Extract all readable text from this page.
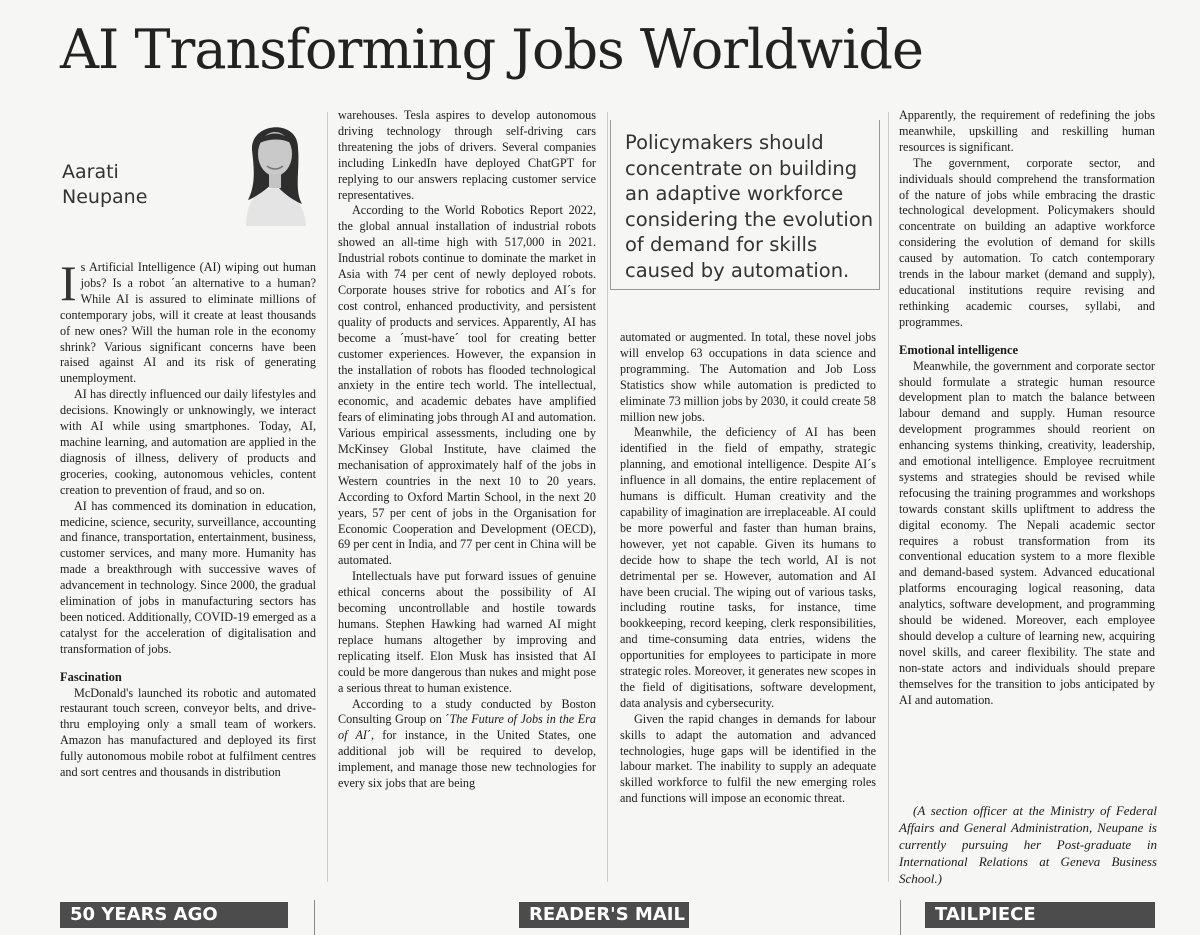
AI Transforming Jobs Worldwide
Aarati
Neupane

Is Artificial Intelligence (AI) wiping out human jobs? Is a robot ´an alternative to a human? While AI is assured to eliminate millions of contemporary jobs, will it create at least thousands of new ones? Will the human role in the economy shrink? Various significant concerns have been raised against AI and its risk of generating unemployment.

AI has directly influenced our daily lifestyles and decisions. Knowingly or unknowingly, we interact with AI while using smartphones. Today, AI, machine learning, and automation are applied in the diagnosis of illness, delivery of products and groceries, cooking, autonomous vehicles, content creation to prevention of fraud, and so on.

AI has commenced its domination in education, medicine, science, security, surveillance, accounting and finance, transportation, entertainment, business, customer services, and many more. Humanity has made a breakthrough with successive waves of advancement in technology. Since 2000, the gradual elimination of jobs in manufacturing sectors has been noticed. Additionally, COVID-19 emerged as a catalyst for the acceleration of digitalisation and transformation of jobs.

Fascination

McDonald's launched its robotic and automated restaurant touch screen, conveyor belts, and drive-thru employing only a small team of workers. Amazon has manufactured and deployed its first fully autonomous mobile robot at fulfilment centres and sort centres and thousands in distribution

warehouses. Tesla aspires to develop autonomous driving technology through self-driving cars threatening the jobs of drivers. Several companies including LinkedIn have deployed ChatGPT for replying to our answers replacing customer service representatives.

According to the World Robotics Report 2022, the global annual installation of industrial robots showed an all-time high with 517,000 in 2021. Industrial robots continue to dominate the market in Asia with 74 per cent of newly deployed robots. Corporate houses strive for robotics and AI´s for cost control, enhanced productivity, and persistent quality of products and services. Apparently, AI has become a ´must-have´ tool for creating better customer experiences. However, the expansion in the installation of robots has flooded technological anxiety in the entire tech world. The intellectual, economic, and academic debates have amplified fears of eliminating jobs through AI and automation. Various empirical assessments, including one by McKinsey Global Institute, have claimed the mechanisation of approximately half of the jobs in Western countries in the next 10 to 20 years. According to Oxford Martin School, in the next 20 years, 57 per cent of jobs in the Organisation for Economic Cooperation and Development (OECD), 69 per cent in India, and 77 per cent in China will be automated.

Intellectuals have put forward issues of genuine ethical concerns about the possibility of AI becoming uncontrollable and hostile towards humans. Stephen Hawking had warned AI might replace humans altogether by improving and replicating itself. Elon Musk has insisted that AI could be more dangerous than nukes and might pose a serious threat to human existence.

According to a study conducted by Boston Consulting Group on ´The Future of Jobs in the Era of AI´, for instance, in the United States, one additional job will be required to develop, implement, and manage those new technologies for every six jobs that are being

Policymakers should concentrate on building an adaptive workforce considering the evolution of demand for skills caused by automation.

automated or augmented. In total, these novel jobs will envelop 63 occupations in data science and programming. The Automation and Job Loss Statistics show while automation is predicted to eliminate 73 million jobs by 2030, it could create 58 million new jobs.

Meanwhile, the deficiency of AI has been identified in the field of empathy, strategic planning, and emotional intelligence. Despite AI´s influence in all domains, the entire replacement of humans is difficult. Human creativity and the capability of imagination are irreplaceable. AI could be more powerful and faster than human brains, however, yet not capable. Given its humans to decide how to shape the tech world, AI is not detrimental per se. However, automation and AI have been crucial. The wiping out of various tasks, including routine tasks, for instance, time bookkeeping, record keeping, clerk responsibilities, and time-consuming data entries, widens the opportunities for employees to participate in more strategic roles. Moreover, it generates new scopes in the field of digitisations, software development, data analysis and cybersecurity.

Given the rapid changes in demands for labour skills to adapt the automation and advanced technologies, huge gaps will be identified in the labour market. The inability to supply an adequate skilled workforce to fulfil the new emerging roles and functions will impose an economic threat.

Apparently, the requirement of redefining the jobs meanwhile, upskilling and reskilling human resources is significant.

The government, corporate sector, and individuals should comprehend the transformation of the nature of jobs while embracing the drastic technological development. Policymakers should concentrate on building an adaptive workforce considering the evolution of demand for skills caused by automation. To catch contemporary trends in the labour market (demand and supply), educational institutions require revising and rethinking academic courses, syllabi, and programmes.

Emotional intelligence

Meanwhile, the government and corporate sector should formulate a strategic human resource development plan to match the balance between labour demand and supply. Human resource development programmes should reorient on enhancing systems thinking, creativity, leadership, and emotional intelligence. Employee recruitment systems and strategies should be revised while refocusing the training programmes and workshops towards constant skills upliftment to address the digital economy. The Nepali academic sector requires a robust transformation from its conventional education system to a more flexible and demand-based system. Advanced educational platforms encouraging logical reasoning, data analytics, software development, and programming should be widened. Moreover, each employee should develop a culture of learning new, acquiring novel skills, and career flexibility. The state and non-state actors and individuals should prepare themselves for the transition to jobs anticipated by AI and automation.

(A section officer at the Ministry of Federal Affairs and General Administration, Neupane is currently pursuing her Post-graduate in International Relations at Geneva Business School.)
50 YEARS AGO	READER'S MAIL	TAILPIECE
